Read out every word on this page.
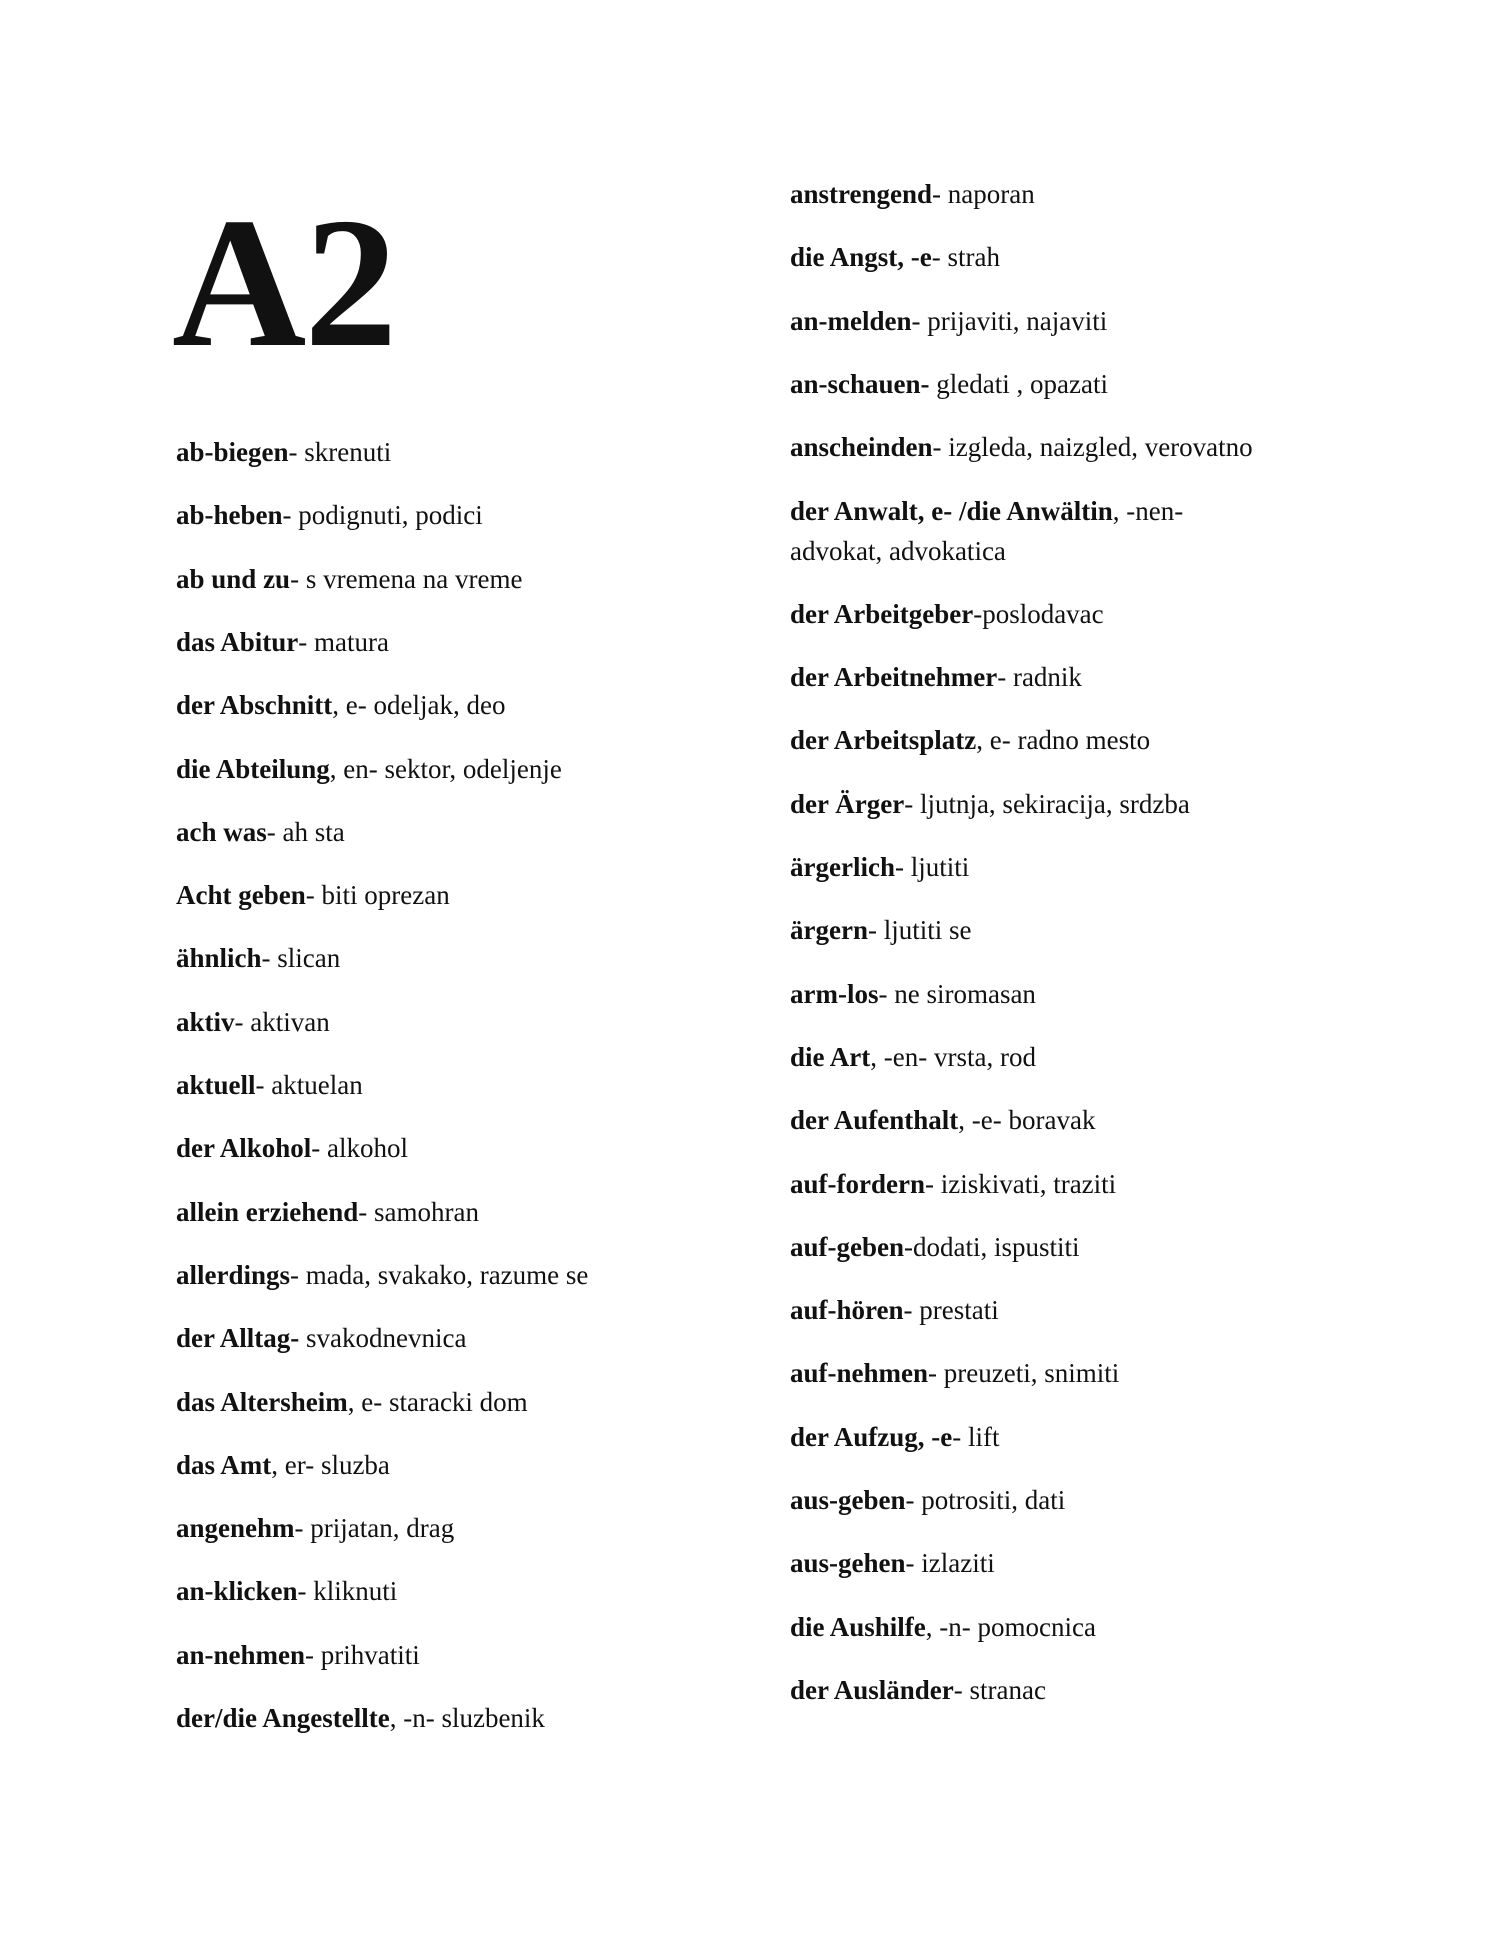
A2

ab-biegen- skrenuti

ab-heben- podignuti, podici

ab und zu- s vremena na vreme

das Abitur- matura

der Abschnitt, e- odeljak, deo

die Abteilung, en- sektor, odeljenje

ach was- ah sta

Acht geben- biti oprezan

ähnlich- slican

aktiv- aktivan

aktuell- aktuelan

der Alkohol- alkohol

allein erziehend- samohran

allerdings- mada, svakako, razume se

der Alltag- svakodnevnica

das Altersheim, e- staracki dom

das Amt, er- sluzba

angenehm- prijatan, drag

an-klicken- kliknuti

an-nehmen- prihvatiti

der/die Angestellte, -n- sluzbenik

anstrengend- naporan

die Angst, -e- strah

an-melden- prijaviti, najaviti

an-schauen- gledati , opazati

anscheinden- izgleda, naizgled, verovatno

der Anwalt, e- /die Anwältin, -nen-
advokat, advokatica

der Arbeitgeber-poslodavac

der Arbeitnehmer- radnik

der Arbeitsplatz, e- radno mesto

der Ärger- ljutnja, sekiracija, srdzba

ärgerlich- ljutiti

ärgern- ljutiti se

arm-los- ne siromasan

die Art, -en- vrsta, rod

der Aufenthalt, -e- boravak

auf-fordern- iziskivati, traziti

auf-geben-dodati, ispustiti

auf-hören- prestati

auf-nehmen- preuzeti, snimiti

der Aufzug, -e- lift

aus-geben- potrositi, dati

aus-gehen- izlaziti

die Aushilfe, -n- pomocnica

der Ausländer- stranac
